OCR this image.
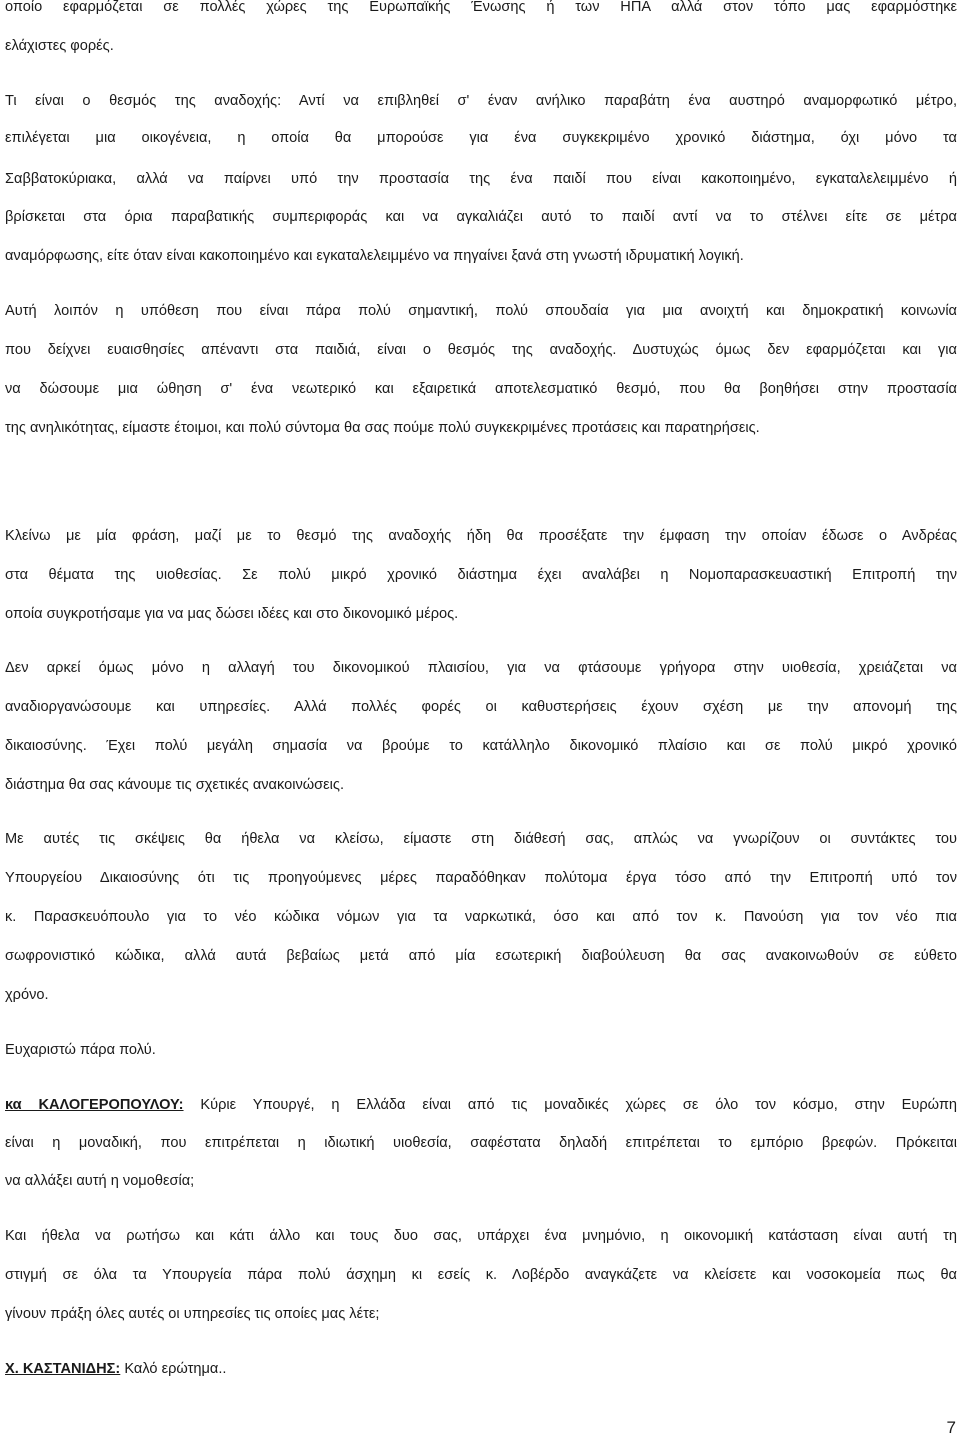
οποίο εφαρμόζεται σε πολλές χώρες της Ευρωπαϊκής Ένωσης ή των ΗΠΑ αλλά στον τόπο μας εφαρμόστηκε
ελάχιστες φορές.
Τι είναι ο θεσμός της αναδοχής: Αντί να επιβληθεί σ' έναν ανήλικο παραβάτη ένα αυστηρό αναμορφωτικό μέτρο,
επιλέγεται μια οικογένεια, η οποία θα μπορούσε για ένα συγκεκριμένο χρονικό διάστημα, όχι μόνο τα
Σαββατοκύριακα, αλλά να παίρνει υπό την προστασία της ένα παιδί που είναι κακοποιημένο, εγκαταλελειμμένο ή
βρίσκεται στα όρια παραβατικής συμπεριφοράς και να αγκαλιάζει αυτό το παιδί αντί να το στέλνει είτε σε μέτρα
αναμόρφωσης, είτε όταν είναι κακοποιημένο και εγκαταλελειμμένο να πηγαίνει ξανά στη γνωστή ιδρυματική λογική.
Αυτή λοιπόν η υπόθεση που είναι πάρα πολύ σημαντική, πολύ σπουδαία για μια ανοιχτή και δημοκρατική κοινωνία
που δείχνει ευαισθησίες απέναντι στα παιδιά, είναι ο θεσμός της αναδοχής. Δυστυχώς όμως δεν εφαρμόζεται και για
να δώσουμε μια ώθηση σ' ένα νεωτερικό και εξαιρετικά αποτελεσματικό θεσμό, που θα βοηθήσει στην προστασία
της ανηλικότητας, είμαστε έτοιμοι, και πολύ σύντομα θα σας πούμε πολύ συγκεκριμένες προτάσεις και παρατηρήσεις.
Κλείνω με μία φράση, μαζί με το θεσμό της αναδοχής ήδη θα προσέξατε την έμφαση την οποίαν έδωσε ο Ανδρέας
στα θέματα της υιοθεσίας. Σε πολύ μικρό χρονικό διάστημα έχει αναλάβει η Νομοπαρασκευαστική Επιτροπή την
οποία συγκροτήσαμε για να μας δώσει ιδέες και στο δικονομικό μέρος.
Δεν αρκεί όμως μόνο η αλλαγή του δικονομικού πλαισίου, για να φτάσουμε γρήγορα στην υιοθεσία, χρειάζεται να
αναδιοργανώσουμε και υπηρεσίες. Αλλά πολλές φορές οι καθυστερήσεις έχουν σχέση με την απονομή της
δικαιοσύνης. Έχει πολύ μεγάλη σημασία να βρούμε το κατάλληλο δικονομικό πλαίσιο και σε πολύ μικρό χρονικό
διάστημα θα σας κάνουμε τις σχετικές ανακοινώσεις.
Με αυτές τις σκέψεις θα ήθελα να κλείσω, είμαστε στη διάθεσή σας, απλώς να γνωρίζουν οι συντάκτες του
Υπουργείου Δικαιοσύνης ότι τις προηγούμενες μέρες παραδόθηκαν πολύτομα έργα τόσο από την Επιτροπή υπό τον
κ. Παρασκευόπουλο για το νέο κώδικα νόμων για τα ναρκωτικά, όσο και από τον κ. Πανούση για τον νέο πια
σωφρονιστικό κώδικα, αλλά αυτά βεβαίως μετά από μία εσωτερική διαβούλευση θα σας ανακοινωθούν σε εύθετο
χρόνο.
Ευχαριστώ πάρα πολύ.
κα ΚΑΛΟΓΕΡΟΠΟΥΛΟΥ: Κύριε Υπουργέ, η Ελλάδα είναι από τις μοναδικές χώρες σε όλο τον κόσμο, στην Ευρώπη
είναι η μοναδική, που επιτρέπεται η ιδιωτική υιοθεσία, σαφέστατα δηλαδή επιτρέπεται το εμπόριο βρεφών. Πρόκειται
να αλλάξει αυτή η νομοθεσία;
Και ήθελα να ρωτήσω και κάτι άλλο και τους δυο σας, υπάρχει ένα μνημόνιο, η οικονομική κατάσταση είναι αυτή τη
στιγμή σε όλα τα Υπουργεία πάρα πολύ άσχημη κι εσείς κ. Λοβέρδο αναγκάζετε να κλείσετε και νοσοκομεία πως θα
γίνουν πράξη όλες αυτές οι υπηρεσίες τις οποίες μας λέτε;
Χ. ΚΑΣΤΑΝΙΔΗΣ: Καλό ερώτημα..
7
